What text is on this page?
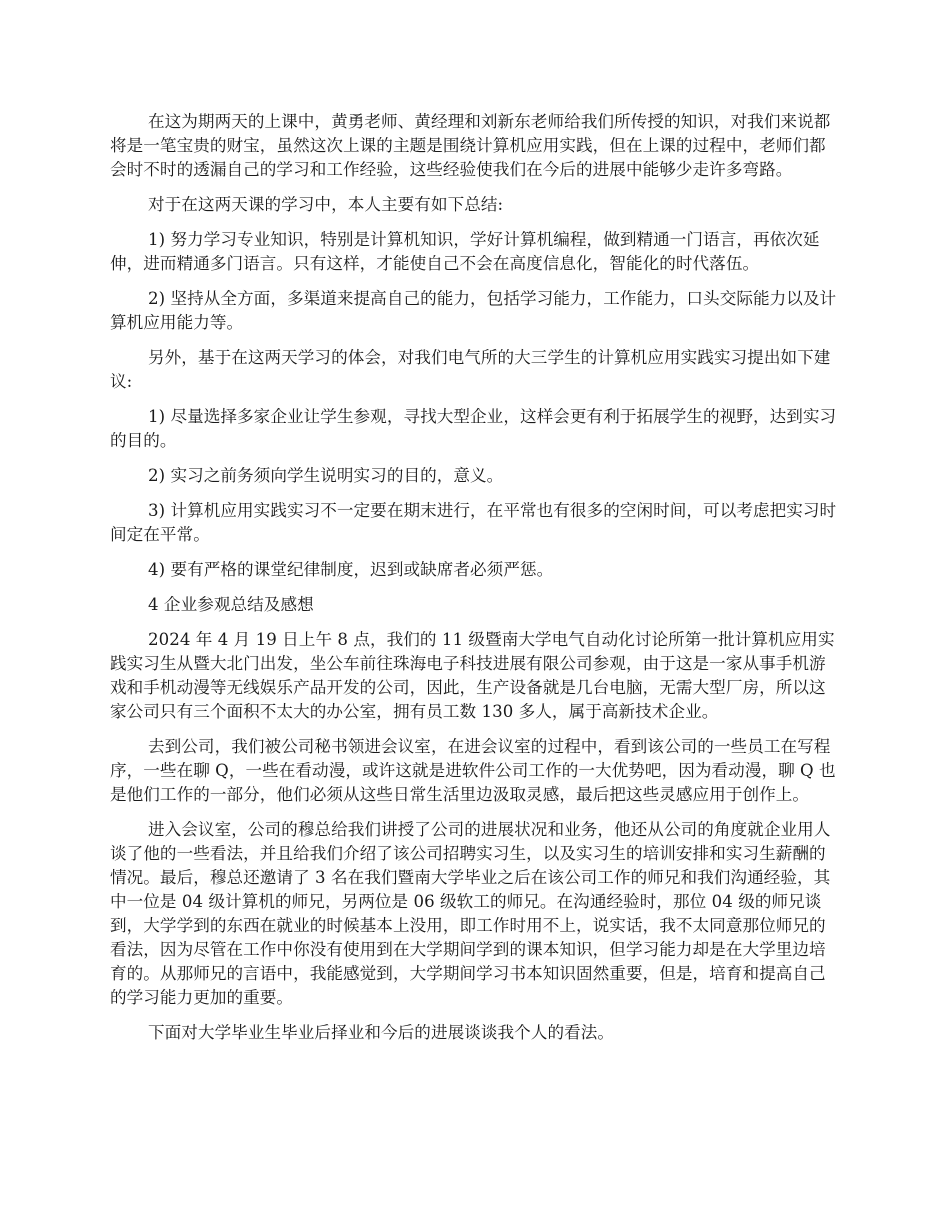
在这为期两天的上课中，黄勇老师、黄经理和刘新东老师给我们所传授的知识，对我们来说都将是一笔宝贵的财宝，虽然这次上课的主题是围绕计算机应用实践，但在上课的过程中，老师们都会时不时的透漏自己的学习和工作经验，这些经验使我们在今后的进展中能够少走许多弯路。

对于在这两天课的学习中，本人主要有如下总结:

1) 努力学习专业知识，特别是计算机知识，学好计算机编程，做到精通一门语言，再依次延伸，进而精通多门语言。只有这样，才能使自己不会在高度信息化，智能化的时代落伍。

2) 坚持从全方面，多渠道来提高自己的能力，包括学习能力，工作能力，口头交际能力以及计算机应用能力等。

另外，基于在这两天学习的体会，对我们电气所的大三学生的计算机应用实践实习提出如下建议:

1) 尽量选择多家企业让学生参观，寻找大型企业，这样会更有利于拓展学生的视野，达到实习的目的。

2) 实习之前务须向学生说明实习的目的，意义。

3) 计算机应用实践实习不一定要在期末进行，在平常也有很多的空闲时间，可以考虑把实习时间定在平常。

4) 要有严格的课堂纪律制度，迟到或缺席者必须严惩。

4 企业参观总结及感想

2024 年 4 月 19 日上午 8 点，我们的 11 级暨南大学电气自动化讨论所第一批计算机应用实践实习生从暨大北门出发，坐公车前往珠海电子科技进展有限公司参观，由于这是一家从事手机游戏和手机动漫等无线娱乐产品开发的公司，因此，生产设备就是几台电脑，无需大型厂房，所以这家公司只有三个面积不太大的办公室，拥有员工数 130 多人，属于高新技术企业。

去到公司，我们被公司秘书领进会议室，在进会议室的过程中，看到该公司的一些员工在写程序，一些在聊 Q，一些在看动漫，或许这就是进软件公司工作的一大优势吧，因为看动漫，聊 Q 也是他们工作的一部分，他们必须从这些日常生活里边汲取灵感，最后把这些灵感应用于创作上。

进入会议室，公司的穆总给我们讲授了公司的进展状况和业务，他还从公司的角度就企业用人谈了他的一些看法，并且给我们介绍了该公司招聘实习生，以及实习生的培训安排和实习生薪酬的情况。最后，穆总还邀请了 3 名在我们暨南大学毕业之后在该公司工作的师兄和我们沟通经验，其中一位是 04 级计算机的师兄，另两位是 06 级软工的师兄。在沟通经验时，那位 04 级的师兄谈到，大学学到的东西在就业的时候基本上没用，即工作时用不上，说实话，我不太同意那位师兄的看法，因为尽管在工作中你没有使用到在大学期间学到的课本知识，但学习能力却是在大学里边培育的。从那师兄的言语中，我能感觉到，大学期间学习书本知识固然重要，但是，培育和提高自己的学习能力更加的重要。

下面对大学毕业生毕业后择业和今后的进展谈谈我个人的看法。
